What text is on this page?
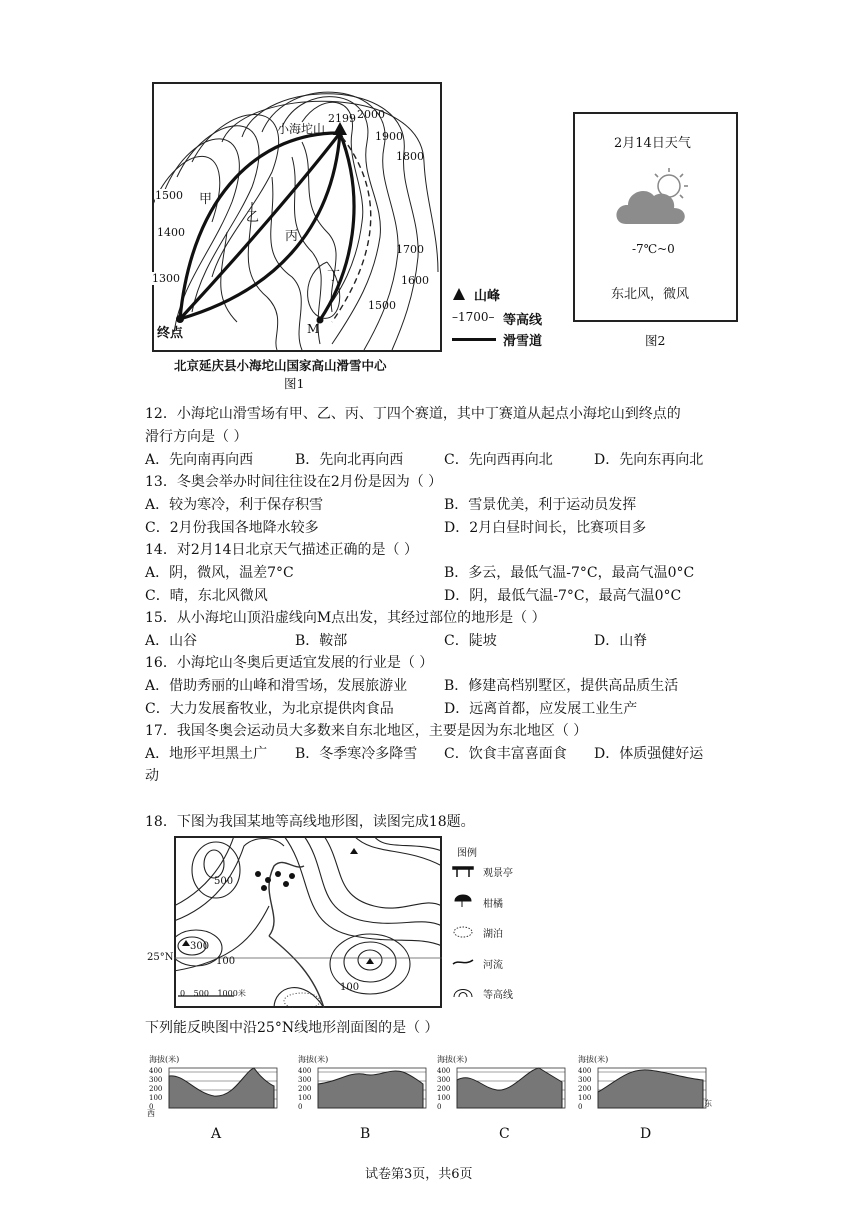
小海坨山
2199 2000
1900
1800
1700
1600
1500
1500
1400
1300
甲
乙
丙
丁
终点	M
山峰
–1700– 等高线
滑雪道
北京延庆县小海坨山国家高山滑雪中心
图1
2月14日天气
-7℃~0
东北风，微风
图2
12．小海坨山滑雪场有甲、乙、丙、丁四个赛道，其中丁赛道从起点小海坨山到终点的
滑行方向是（ ）
A．先向南再向西	B．先向北再向西	C．先向西再向北	D．先向东再向北
13．冬奥会举办时间往往设在2月份是因为（ ）
A．较为寒冷，利于保存积雪	B．雪景优美，利于运动员发挥
C．2月份我国各地降水较多	D．2月白昼时间长，比赛项目多
14．对2月14日北京天气描述正确的是（ ）
A．阴，微风，温差7°C	B．多云，最低气温-7°C，最高气温0°C
C．晴，东北风微风	D．阴，最低气温-7°C，最高气温0°C
15．从小海坨山顶沿虚线向M点出发，其经过部位的地形是（ ）
A．山谷	B．鞍部	C．陡坡	D．山脊
16．小海坨山冬奥后更适宜发展的行业是（ ）
A．借助秀丽的山峰和滑雪场，发展旅游业	B．修建高档别墅区，提供高品质生活
C．大力发展畜牧业，为北京提供肉食品	D．远离首都，应发展工业生产
17．我国冬奥会运动员大多数来自东北地区，主要是因为东北地区（ ）
A．地形平坦黑土广 B．冬季寒冷多降雪 C．饮食丰富喜面食 D．体质强健好运
动
18．下图为我国某地等高线地形图，读图完成18题。
500
300
100
100
25°N
0 500 1000米
图例
观景亭
柑橘
湖泊
河流
等高线
下列能反映图中沿25°N线地形剖面图的是（ ）
海拔(米)
400
300
200
100
0
西
A
海拔(米)
400
300
200
100
0
B
海拔(米)
400
300
200
100
0
C
海拔(米)
400
300
200
100
0	东
D
试卷第3页，共6页
